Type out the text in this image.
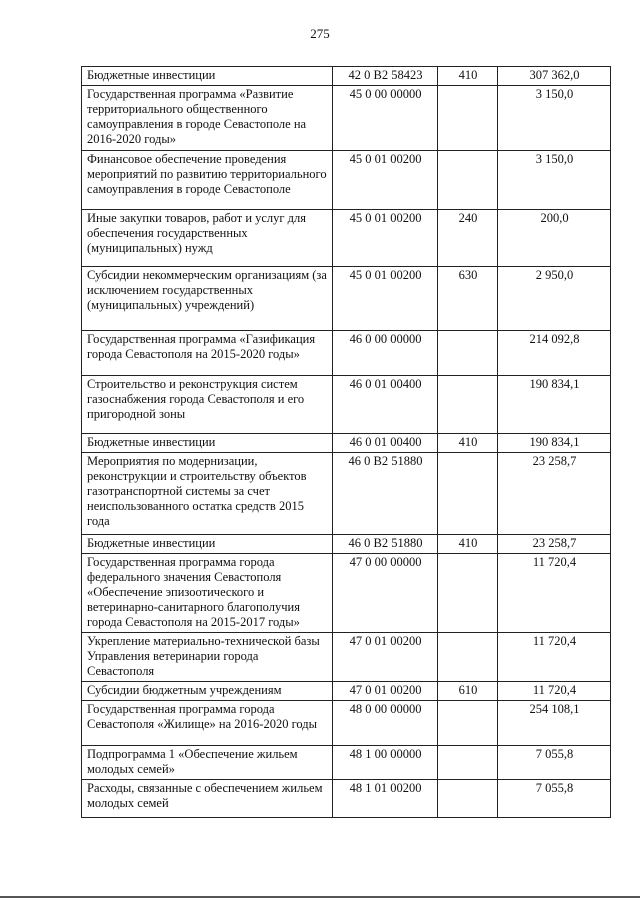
275
Бюджетные инвестиции	42 0 B2 58423	410	307 362,0
Государственная программа «Развитие территориального общественного самоуправления в городе Севастополе на 2016-2020 годы»	45 0 00 00000		3 150,0
Финансовое обеспечение проведения мероприятий по развитию территориального самоуправления в городе Севастополе	45 0 01 00200		3 150,0
Иные закупки товаров, работ и услуг для обеспечения государственных (муниципальных) нужд	45 0 01 00200	240	200,0
Субсидии некоммерческим организациям (за исключением государственных (муниципальных) учреждений)	45 0 01 00200	630	2 950,0
Государственная программа «Газификация города Севастополя на 2015-2020 годы»	46 0 00 00000		214 092,8
Строительство и реконструкция систем газоснабжения города Севастополя и его пригородной зоны	46 0 01 00400		190 834,1
Бюджетные инвестиции	46 0 01 00400	410	190 834,1
Мероприятия по модернизации, реконструкции и строительству объектов газотранспортной системы за счет неиспользованного остатка средств 2015 года	46 0 B2 51880		23 258,7
Бюджетные инвестиции	46 0 B2 51880	410	23 258,7
Государственная программа города федерального значения Севастополя «Обеспечение эпизоотического и ветеринарно-санитарного благополучия города Севастополя на 2015-2017 годы»	47 0 00 00000		11 720,4
Укрепление материально-технической базы Управления ветеринарии города Севастополя	47 0 01 00200		11 720,4
Субсидии бюджетным учреждениям	47 0 01 00200	610	11 720,4
Государственная программа города Севастополя «Жилище» на 2016-2020 годы	48 0 00 00000		254 108,1
Подпрограмма 1 «Обеспечение жильем молодых семей»	48 1 00 00000		7 055,8
Расходы, связанные с обеспечением жильем молодых семей	48 1 01 00200		7 055,8
